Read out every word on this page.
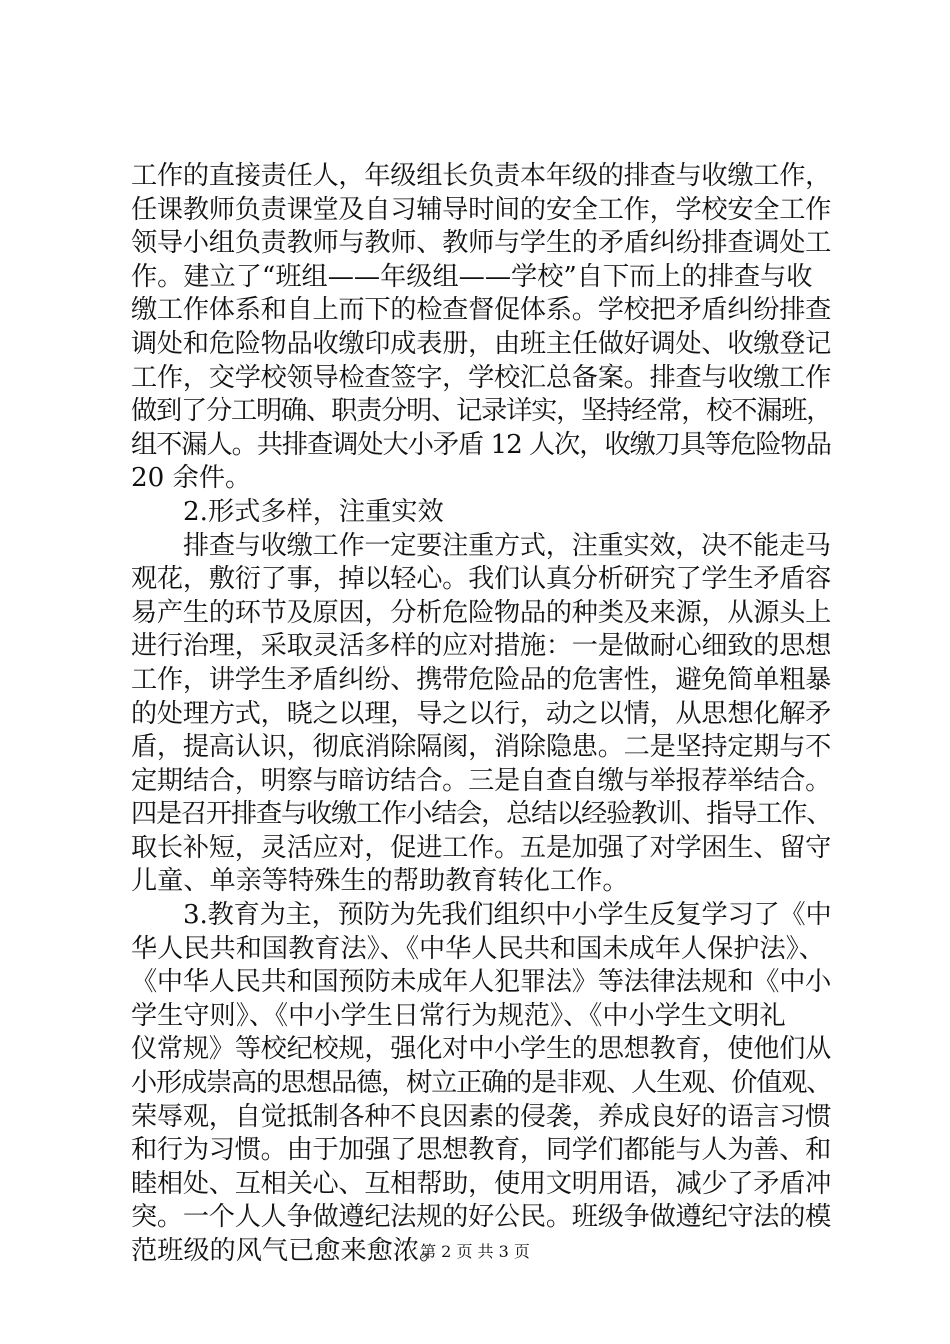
工作的直接责任人，年级组长负责本年级的排查与收缴工作，
任课教师负责课堂及自习辅导时间的安全工作，学校安全工作
领导小组负责教师与教师、教师与学生的矛盾纠纷排查调处工
作。建立了“班组——年级组——学校”自下而上的排查与收
缴工作体系和自上而下的检查督促体系。学校把矛盾纠纷排查
调处和危险物品收缴印成表册，由班主任做好调处、收缴登记
工作，交学校领导检查签字，学校汇总备案。排查与收缴工作
做到了分工明确、职责分明、记录详实，坚持经常，校不漏班，
组不漏人。共排查调处大小矛盾 12 人次，收缴刀具等危险物品
20 余件。
2.形式多样，注重实效
排查与收缴工作一定要注重方式，注重实效，决不能走马
观花，敷衍了事，掉以轻心。我们认真分析研究了学生矛盾容
易产生的环节及原因，分析危险物品的种类及来源，从源头上
进行治理，采取灵活多样的应对措施：一是做耐心细致的思想
工作，讲学生矛盾纠纷、携带危险品的危害性，避免简单粗暴
的处理方式，晓之以理，导之以行，动之以情，从思想化解矛
盾，提高认识，彻底消除隔阂，消除隐患。二是坚持定期与不
定期结合，明察与暗访结合。三是自查自缴与举报荐举结合。
四是召开排查与收缴工作小结会，总结以经验教训、指导工作、
取长补短，灵活应对，促进工作。五是加强了对学困生、留守
儿童、单亲等特殊生的帮助教育转化工作。
3.教育为主，预防为先我们组织中小学生反复学习了《中
华人民共和国教育法》、《中华人民共和国未成年人保护法》、
《中华人民共和国预防未成年人犯罪法》等法律法规和《中小
学生守则》、《中小学生日常行为规范》、《中小学生文明礼
仪常规》等校纪校规，强化对中小学生的思想教育，使他们从
小形成崇高的思想品德，树立正确的是非观、人生观、价值观、
荣辱观，自觉抵制各种不良因素的侵袭，养成良好的语言习惯
和行为习惯。由于加强了思想教育，同学们都能与人为善、和
睦相处、互相关心、互相帮助，使用文明用语，减少了矛盾冲
突。一个人人争做遵纪法规的好公民。班级争做遵纪守法的模
范班级的风气已愈来愈浓。
第 2 页 共 3 页
